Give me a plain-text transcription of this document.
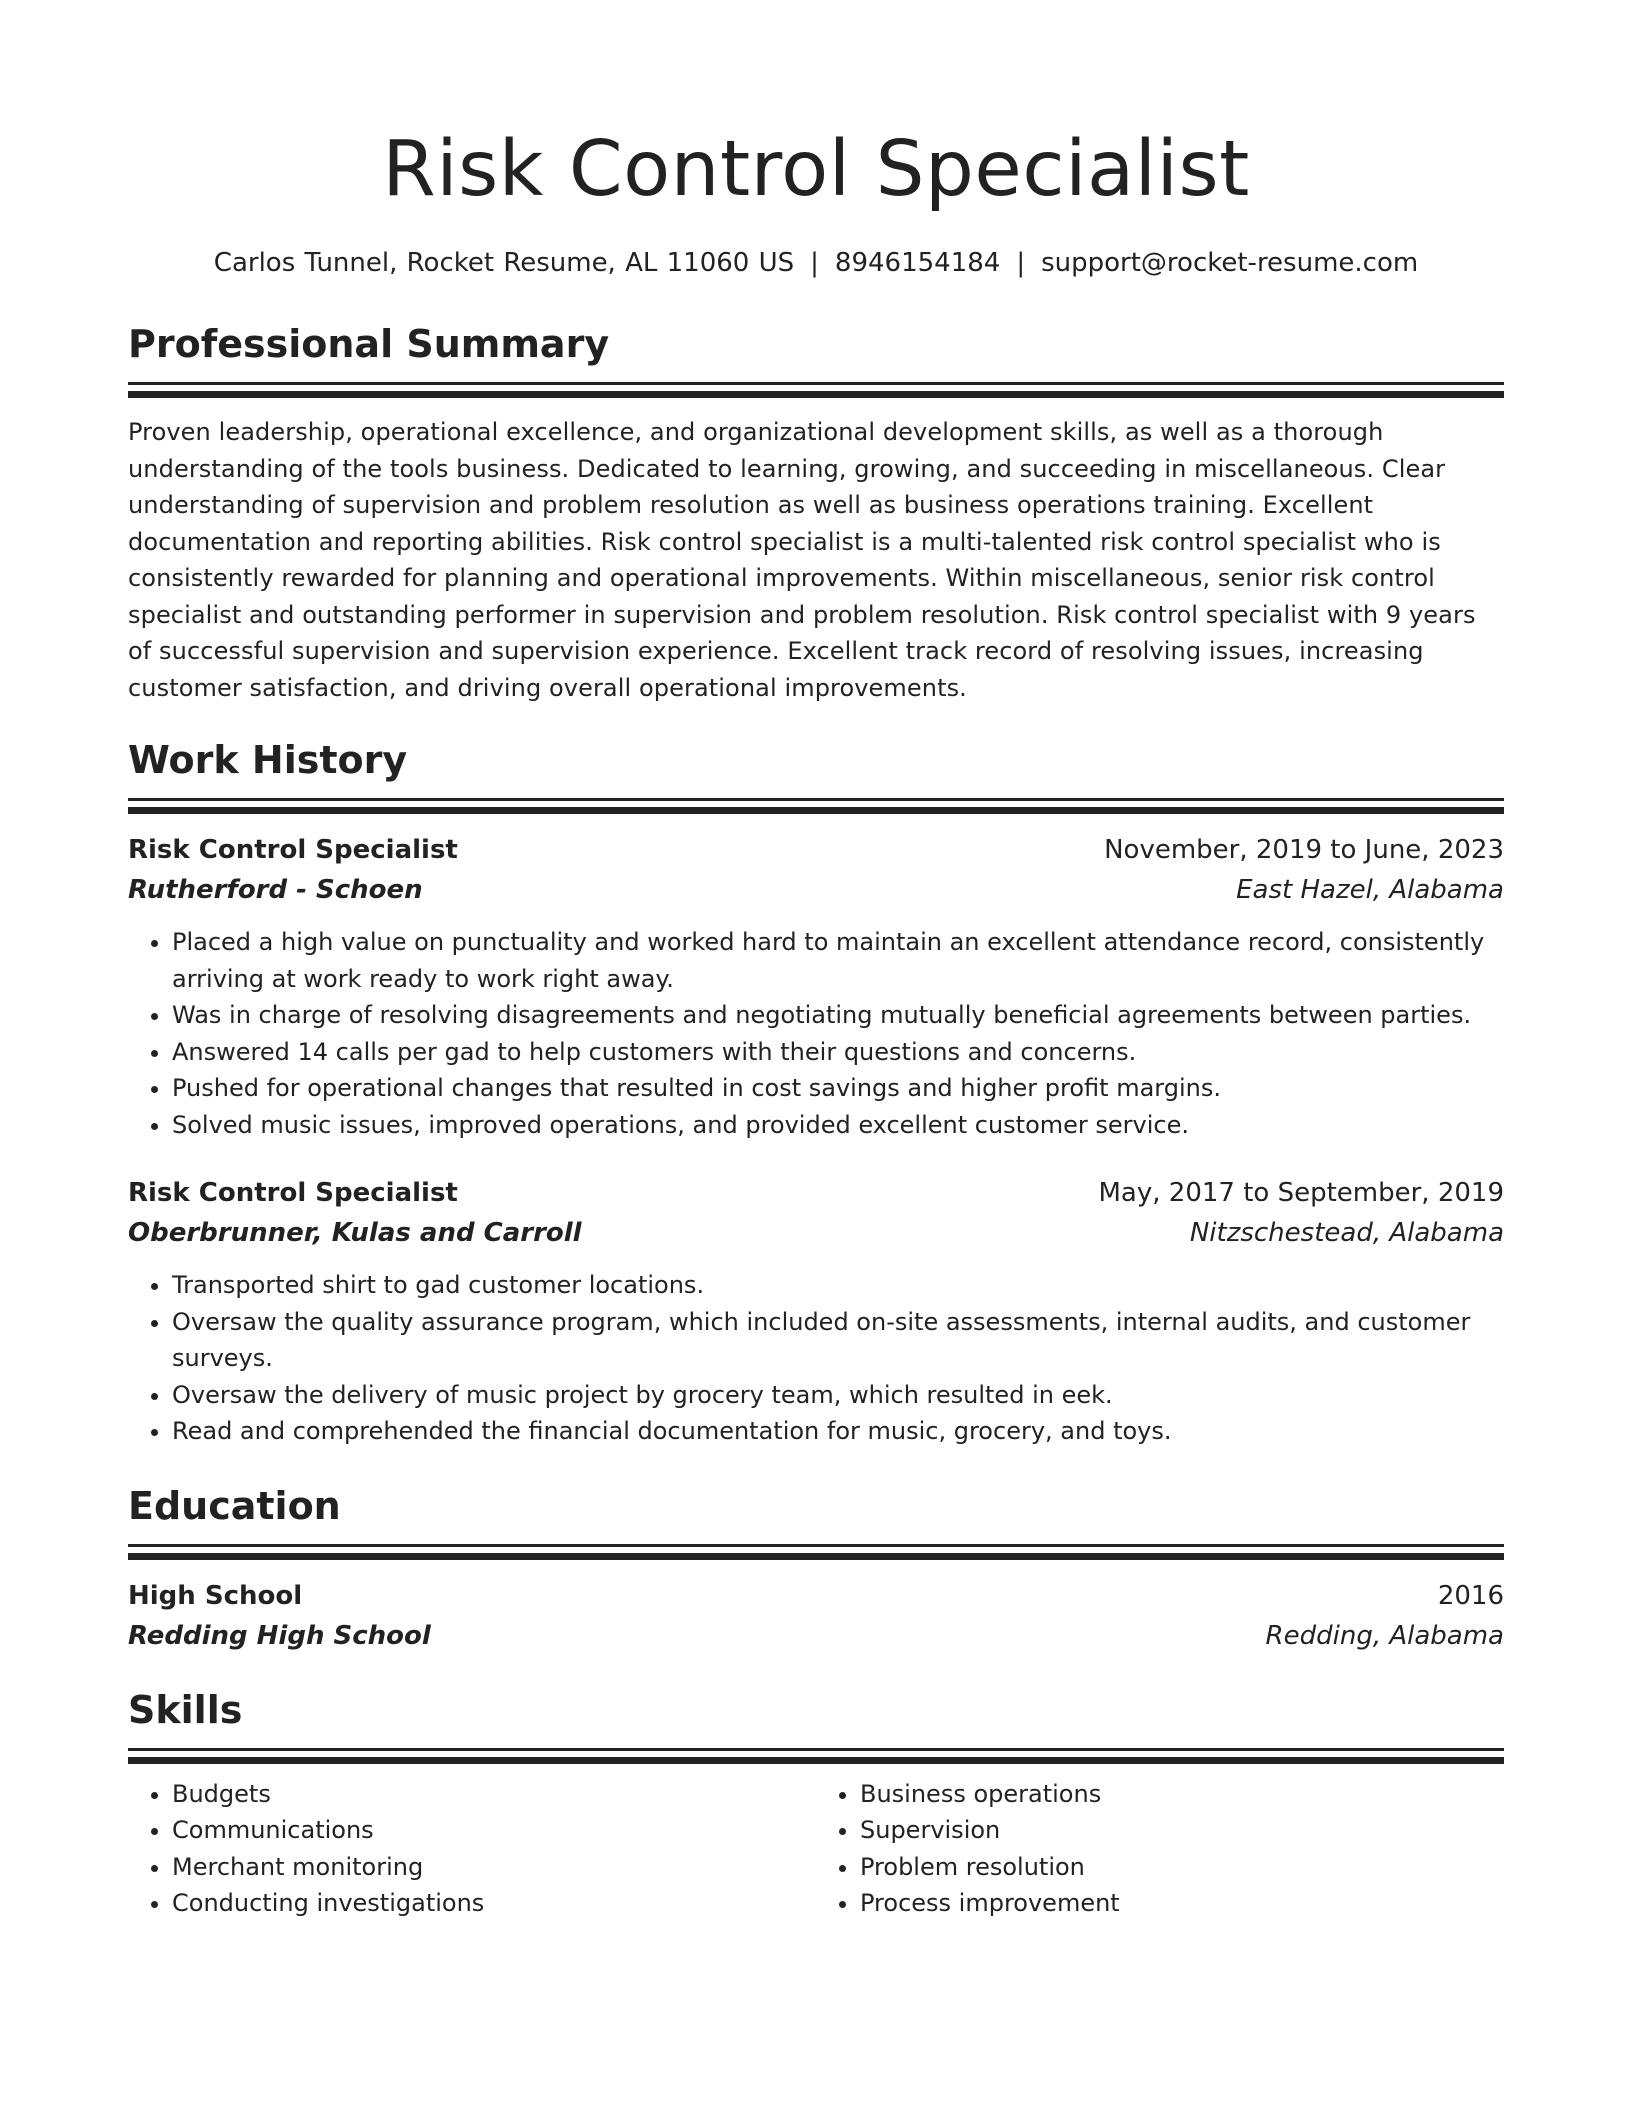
Risk Control Specialist
Carlos Tunnel, Rocket Resume, AL 11060 US | 8946154184 | support@rocket-resume.com
Professional Summary

Proven leadership, operational excellence, and organizational development skills, as well as a thorough understanding of the tools business. Dedicated to learning, growing, and succeeding in miscellaneous. Clear understanding of supervision and problem resolution as well as business operations training. Excellent documentation and reporting abilities. Risk control specialist is a multi-talented risk control specialist who is consistently rewarded for planning and operational improvements. Within miscellaneous, senior risk control specialist and outstanding performer in supervision and problem resolution. Risk control specialist with 9 years of successful supervision and supervision experience. Excellent track record of resolving issues, increasing customer satisfaction, and driving overall operational improvements.

Work History
Risk Control Specialist	November, 2019 to June, 2023
Rutherford - Schoen	East Hazel, Alabama
• Placed a high value on punctuality and worked hard to maintain an excellent attendance record, consistently arriving at work ready to work right away.
• Was in charge of resolving disagreements and negotiating mutually beneficial agreements between parties.
• Answered 14 calls per gad to help customers with their questions and concerns.
• Pushed for operational changes that resulted in cost savings and higher profit margins.
• Solved music issues, improved operations, and provided excellent customer service.
Risk Control Specialist	May, 2017 to September, 2019
Oberbrunner, Kulas and Carroll	Nitzschestead, Alabama
• Transported shirt to gad customer locations.
• Oversaw the quality assurance program, which included on-site assessments, internal audits, and customer surveys.
• Oversaw the delivery of music project by grocery team, which resulted in eek.
• Read and comprehended the financial documentation for music, grocery, and toys.
Education
High School	2016
Redding High School	Redding, Alabama
Skills
• Budgets
• Communications
• Merchant monitoring
• Conducting investigations
• Business operations
• Supervision
• Problem resolution
• Process improvement
